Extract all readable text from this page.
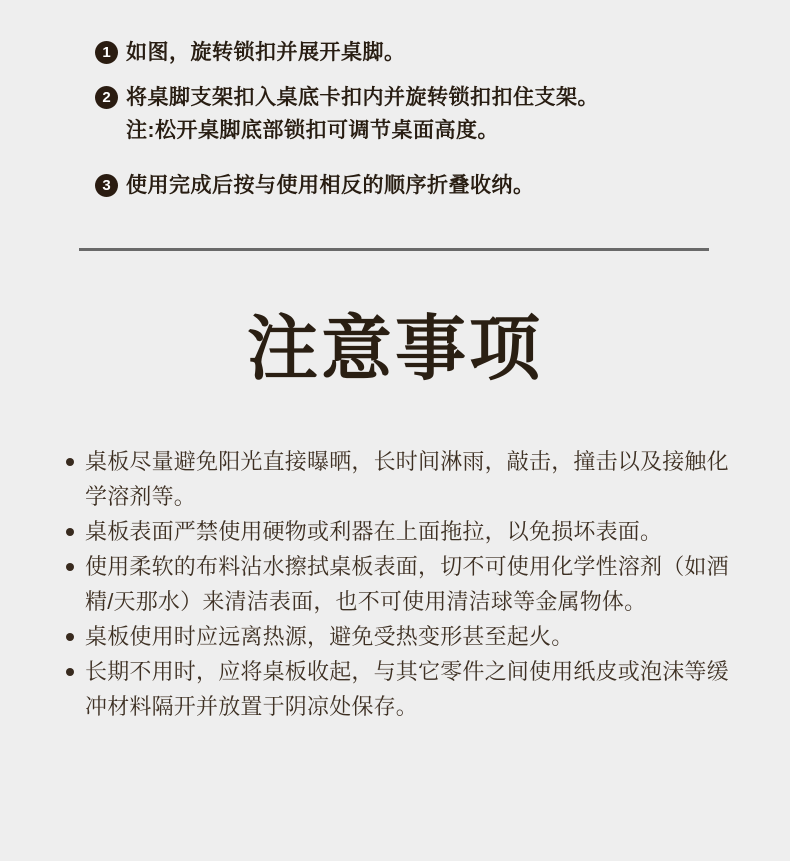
1 如图，旋转锁扣并展开桌脚。
2 将桌脚支架扣入桌底卡扣内并旋转锁扣扣住支架。
注:松开桌脚底部锁扣可调节桌面高度。
3 使用完成后按与使用相反的顺序折叠收纳。
注意事项
桌板尽量避免阳光直接曝晒，长时间淋雨，敲击，撞击以及接触化学溶剂等。
桌板表面严禁使用硬物或利器在上面拖拉，以免损坏表面。
使用柔软的布料沾水擦拭桌板表面，切不可使用化学性溶剂（如酒精/天那水）来清洁表面，也不可使用清洁球等金属物体。
桌板使用时应远离热源，避免受热变形甚至起火。
长期不用时，应将桌板收起，与其它零件之间使用纸皮或泡沫等缓冲材料隔开并放置于阴凉处保存。
